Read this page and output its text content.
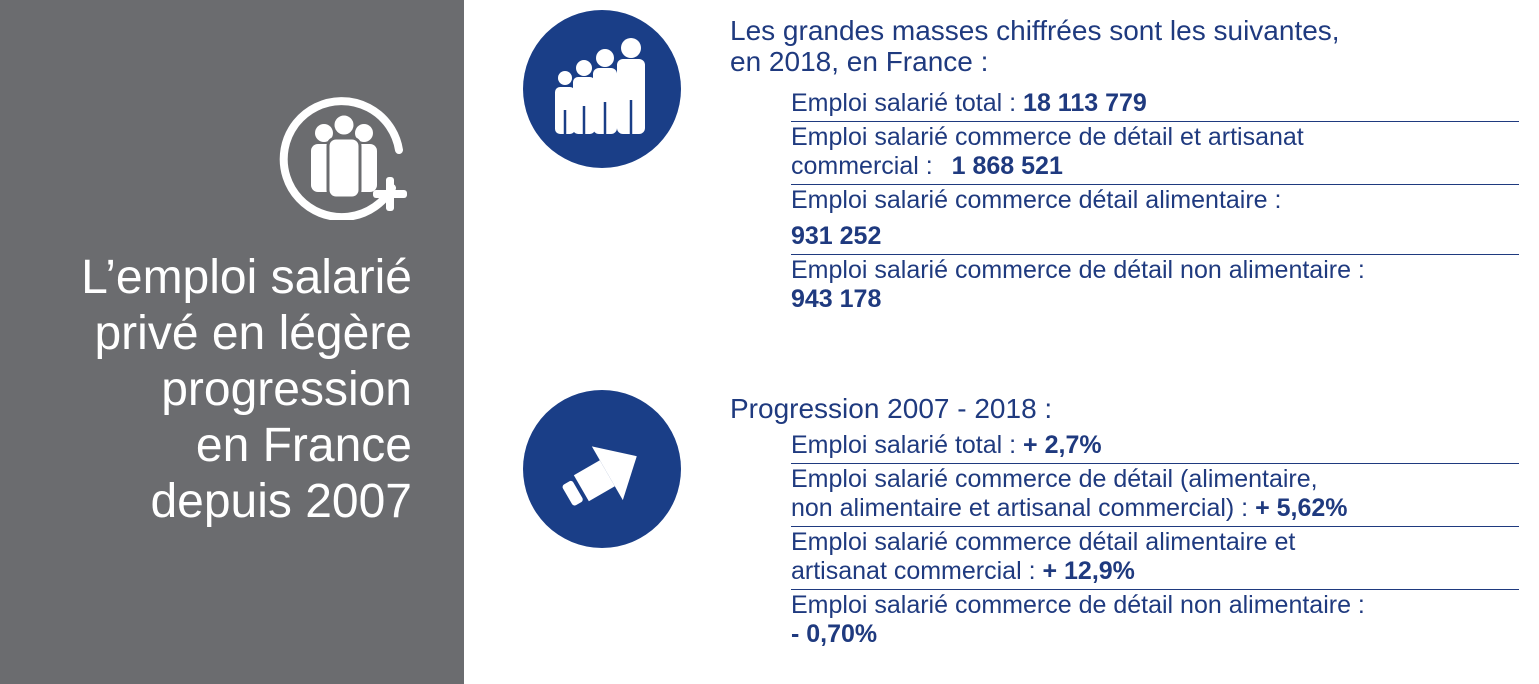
L’emploi salarié
privé en légère
progression
en France
depuis 2007
Les grandes masses chiffrées sont les suivantes,
en 2018, en France :
Emploi salarié total : 18 113 779
Emploi salarié commerce de détail et artisanat
commercial : 1 868 521
Emploi salarié commerce détail alimentaire :
931 252
Emploi salarié commerce de détail non alimentaire :
943 178
Progression 2007 - 2018 :
Emploi salarié total : + 2,7%
Emploi salarié commerce de détail (alimentaire,
non alimentaire et artisanal commercial) : + 5,62%
Emploi salarié commerce détail alimentaire et
artisanat commercial : + 12,9%
Emploi salarié commerce de détail non alimentaire :
- 0,70%
